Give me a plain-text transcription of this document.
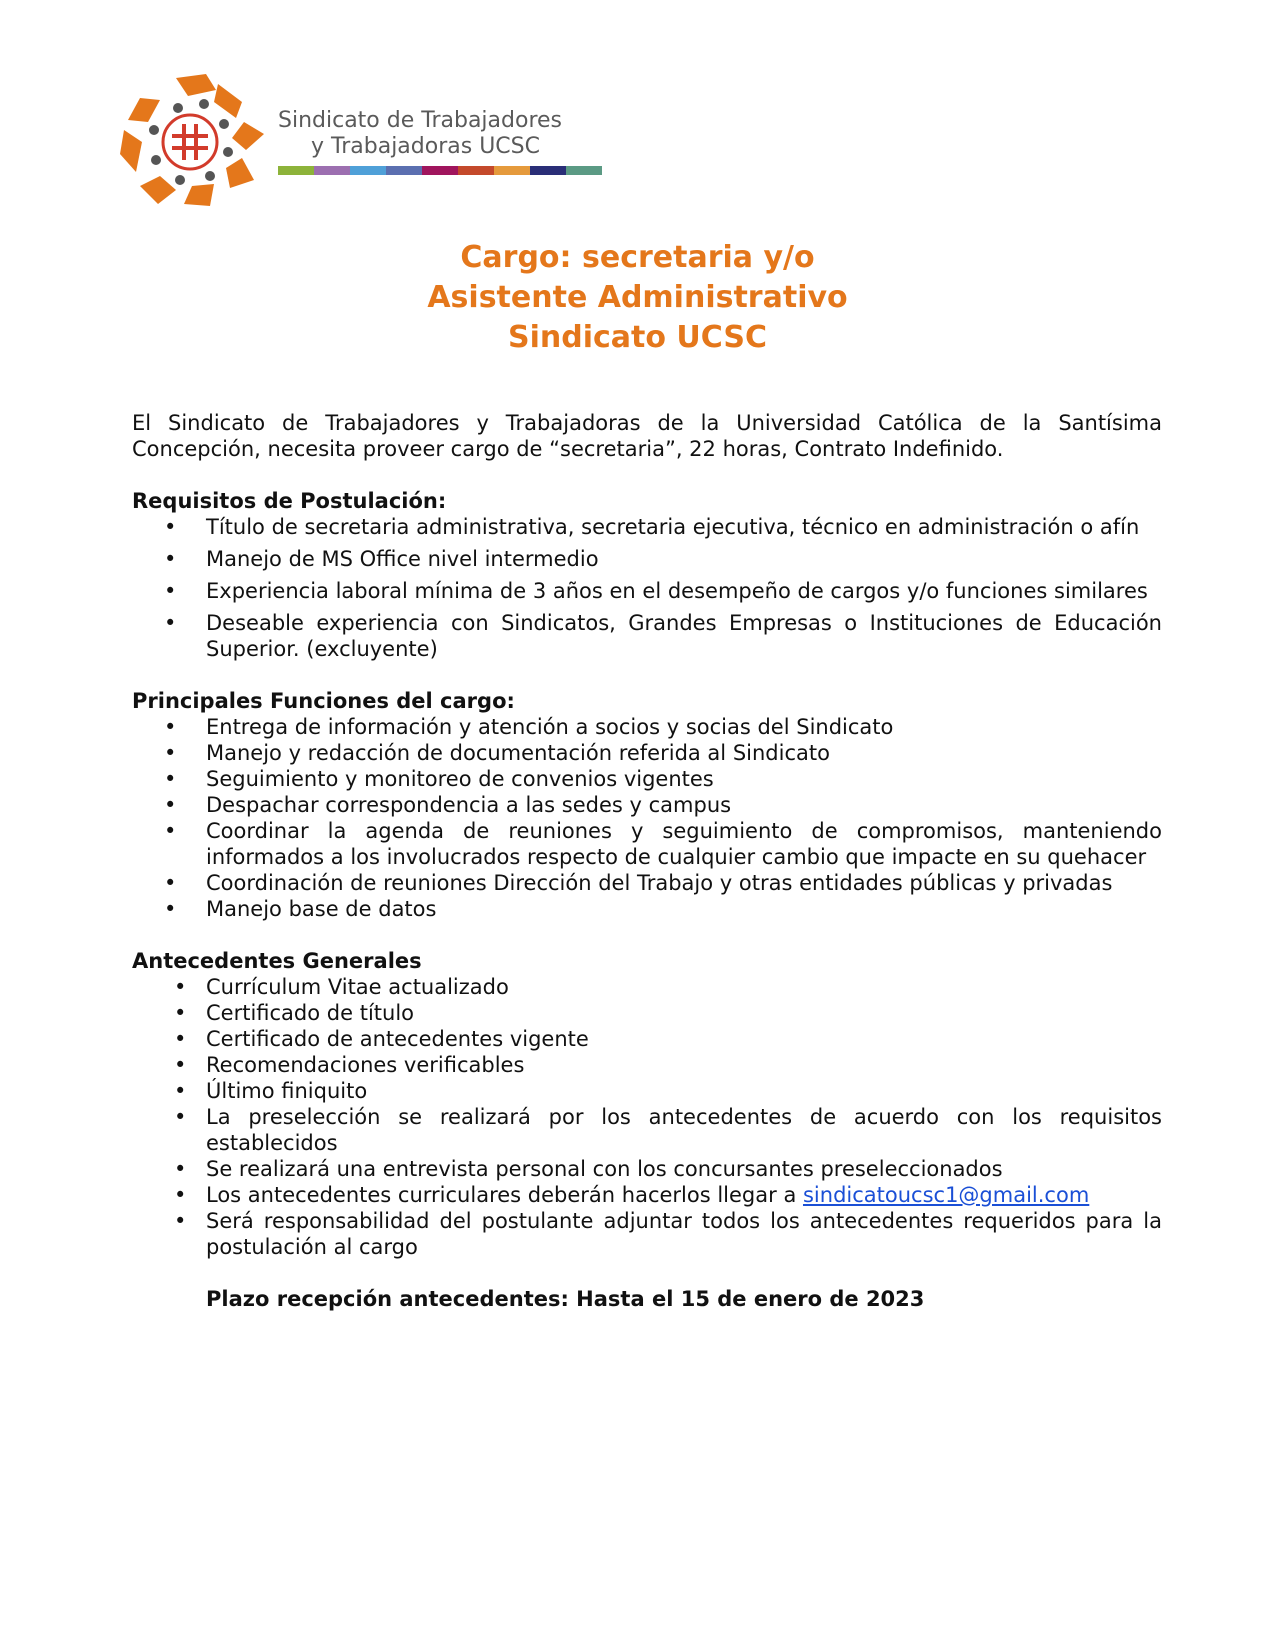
Sindicato de Trabajadores
y Trabajadoras UCSC
Cargo: secretaria y/o
Asistente Administrativo
Sindicato UCSC

El Sindicato de Trabajadores y Trabajadoras de la Universidad Católica de la Santísima Concepción, necesita proveer cargo de “secretaria”, 22 horas, Contrato Indefinido.

Requisitos de Postulación:
• Título de secretaria administrativa, secretaria ejecutiva, técnico en administración o afín
• Manejo de MS Office nivel intermedio
• Experiencia laboral mínima de 3 años en el desempeño de cargos y/o funciones similares
• Deseable experiencia con Sindicatos, Grandes Empresas o Instituciones de Educación Superior. (excluyente)
Principales Funciones del cargo:
• Entrega de información y atención a socios y socias del Sindicato
• Manejo y redacción de documentación referida al Sindicato
• Seguimiento y monitoreo de convenios vigentes
• Despachar correspondencia a las sedes y campus
• Coordinar la agenda de reuniones y seguimiento de compromisos, manteniendo informados a los involucrados respecto de cualquier cambio que impacte en su quehacer
• Coordinación de reuniones Dirección del Trabajo y otras entidades públicas y privadas
• Manejo base de datos
Antecedentes Generales
• Currículum Vitae actualizado
• Certificado de título
• Certificado de antecedentes vigente
• Recomendaciones verificables
• Último finiquito
• La preselección se realizará por los antecedentes de acuerdo con los requisitos establecidos
• Se realizará una entrevista personal con los concursantes preseleccionados
• Los antecedentes curriculares deberán hacerlos llegar a sindicatoucsc1@gmail.com
• Será responsabilidad del postulante adjuntar todos los antecedentes requeridos para la postulación al cargo
Plazo recepción antecedentes: Hasta el 15 de enero de 2023
